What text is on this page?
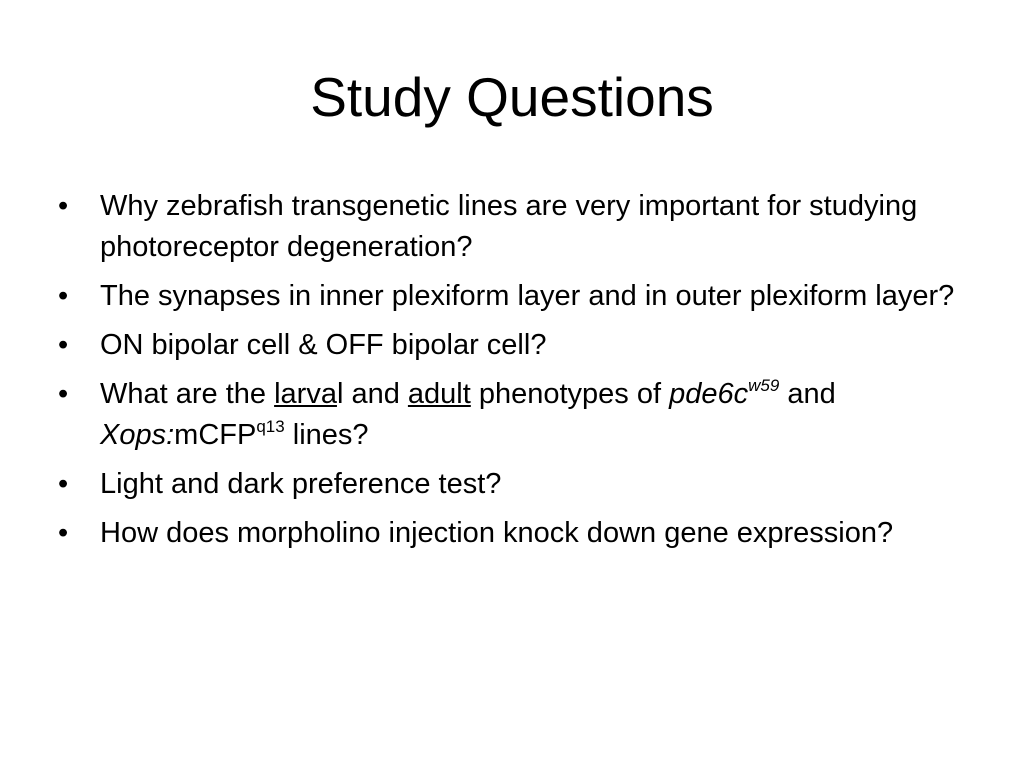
Study Questions
•	Why zebrafish transgenetic lines are very important for studying photoreceptor degeneration?
•	The synapses in inner plexiform layer and in outer plexiform layer?
•	ON bipolar cell & OFF bipolar cell?
•	What are the larval and adult phenotypes of $pde6c^{w59}$ and Xops:mCFP$^{q13}$ lines?
•	Light and dark preference test?
•	How does morpholino injection knock down gene expression?
